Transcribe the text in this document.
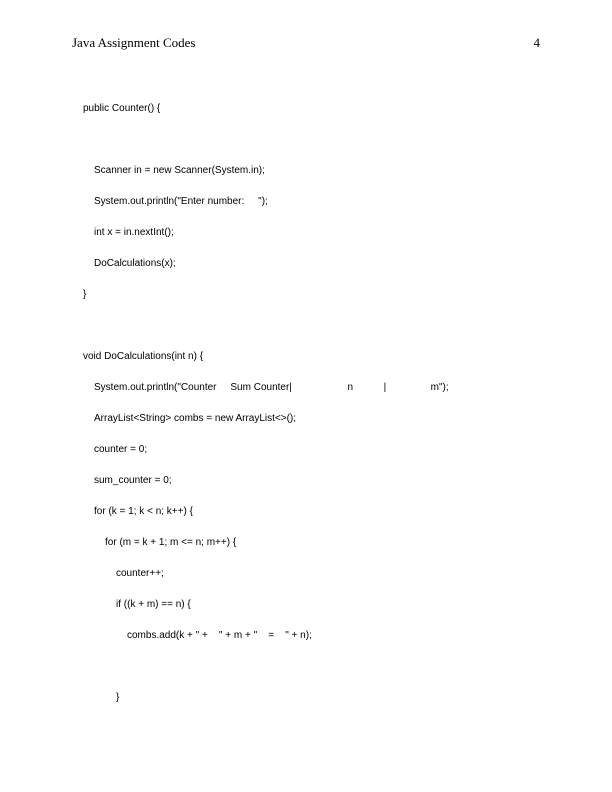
Java Assignment Codes	4
public Counter() {
Scanner in = new Scanner(System.in);
System.out.println("Enter number:     ");
int x = in.nextInt();
DoCalculations(x);
}
void DoCalculations(int n) {
System.out.println("Counter     Sum Counter|                    n           |                m");
ArrayList<String> combs = new ArrayList<>();
counter = 0;
sum_counter = 0;
for (k = 1; k < n; k++) {
for (m = k + 1; m <= n; m++) {
counter++;
if ((k + m) == n) {
combs.add(k + " +    " + m + "    =    " + n);
}
